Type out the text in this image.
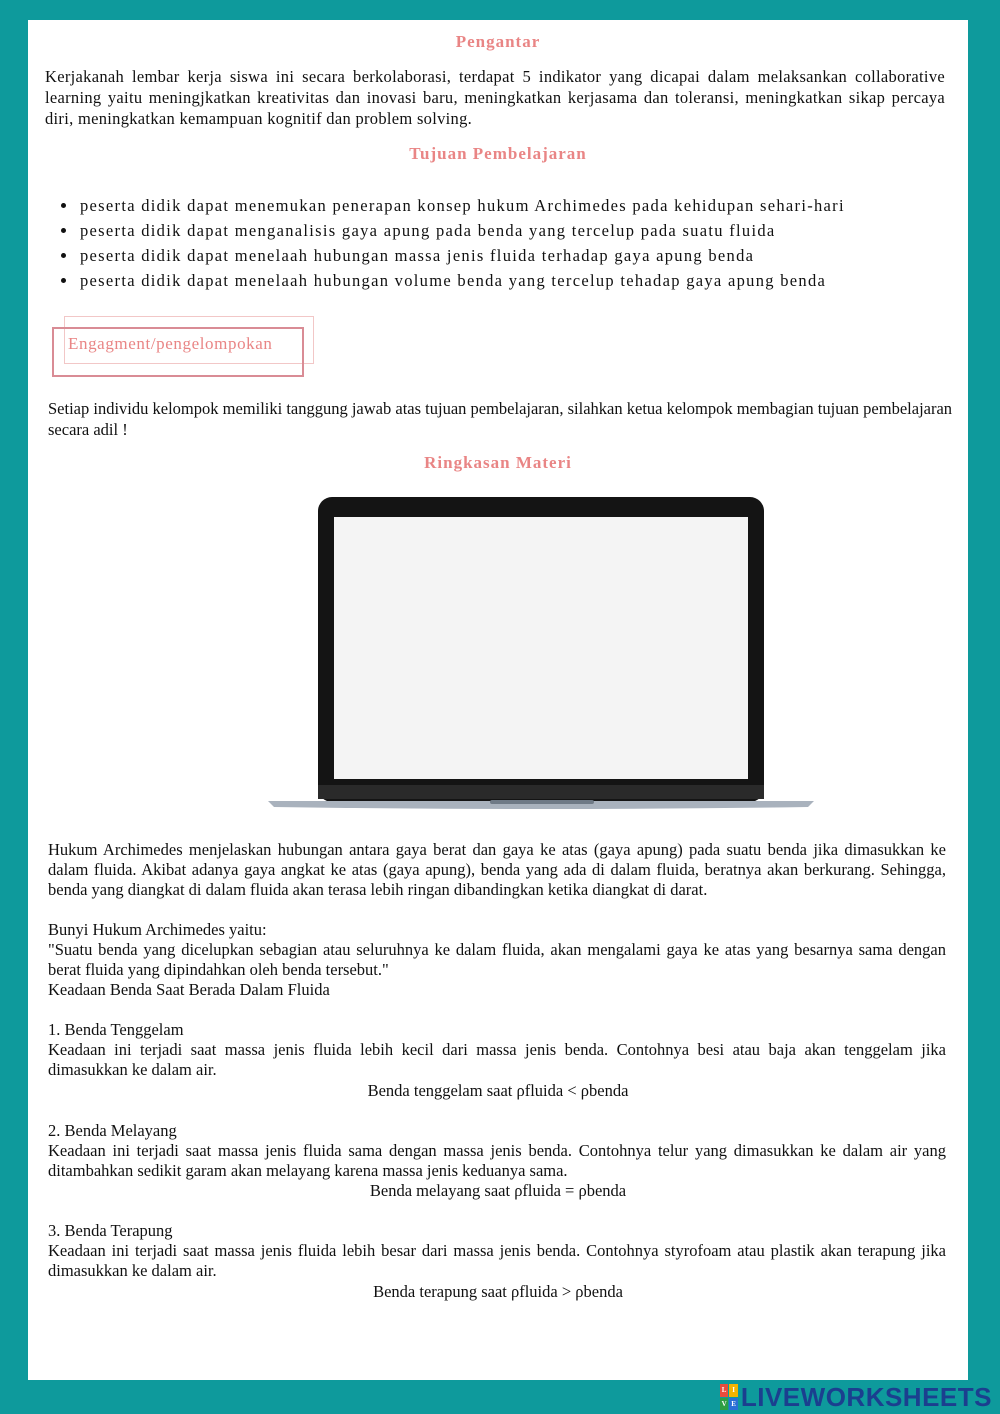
Pengantar
Kerjakanah lembar kerja siswa ini secara berkolaborasi, terdapat 5 indikator yang dicapai dalam melaksankan collaborative learning yaitu meningjkatkan kreativitas dan inovasi baru, meningkatkan kerjasama dan toleransi, meningkatkan sikap percaya diri, meningkatkan kemampuan kognitif dan problem solving.
Tujuan Pembelajaran
• peserta didik dapat menemukan penerapan konsep hukum Archimedes pada kehidupan sehari-hari
• peserta didik dapat menganalisis gaya apung pada benda yang tercelup pada suatu fluida
• peserta didik dapat menelaah hubungan massa jenis fluida terhadap gaya apung benda
• peserta didik dapat menelaah hubungan volume benda yang tercelup tehadap gaya apung benda
Engagment/pengelompokan
Setiap individu kelompok memiliki tanggung jawab atas tujuan pembelajaran, silahkan ketua kelompok membagian tujuan pembelajaran secara adil !
Ringkasan Materi
Hukum Archimedes menjelaskan hubungan antara gaya berat dan gaya ke atas (gaya apung) pada suatu benda jika dimasukkan ke dalam fluida. Akibat adanya gaya angkat ke atas (gaya apung), benda yang ada di dalam fluida, beratnya akan berkurang. Sehingga, benda yang diangkat di dalam fluida akan terasa lebih ringan dibandingkan ketika diangkat di darat.
Bunyi Hukum Archimedes yaitu:
"Suatu benda yang dicelupkan sebagian atau seluruhnya ke dalam fluida, akan mengalami gaya ke atas yang besarnya sama dengan berat fluida yang dipindahkan oleh benda tersebut."
Keadaan Benda Saat Berada Dalam Fluida
1. Benda Tenggelam
Keadaan ini terjadi saat massa jenis fluida lebih kecil dari massa jenis benda. Contohnya besi atau baja akan tenggelam jika dimasukkan ke dalam air.
Benda tenggelam saat ρfluida < ρbenda
2. Benda Melayang
Keadaan ini terjadi saat massa jenis fluida sama dengan massa jenis benda. Contohnya telur yang dimasukkan ke dalam air yang ditambahkan sedikit garam akan melayang karena massa jenis keduanya sama.
Benda melayang saat ρfluida = ρbenda
3. Benda Terapung
Keadaan ini terjadi saat massa jenis fluida lebih besar dari massa jenis benda. Contohnya styrofoam atau plastik akan terapung jika dimasukkan ke dalam air.
Benda terapung saat ρfluida > ρbenda
L I
V E LIVEWORKSHEETS
